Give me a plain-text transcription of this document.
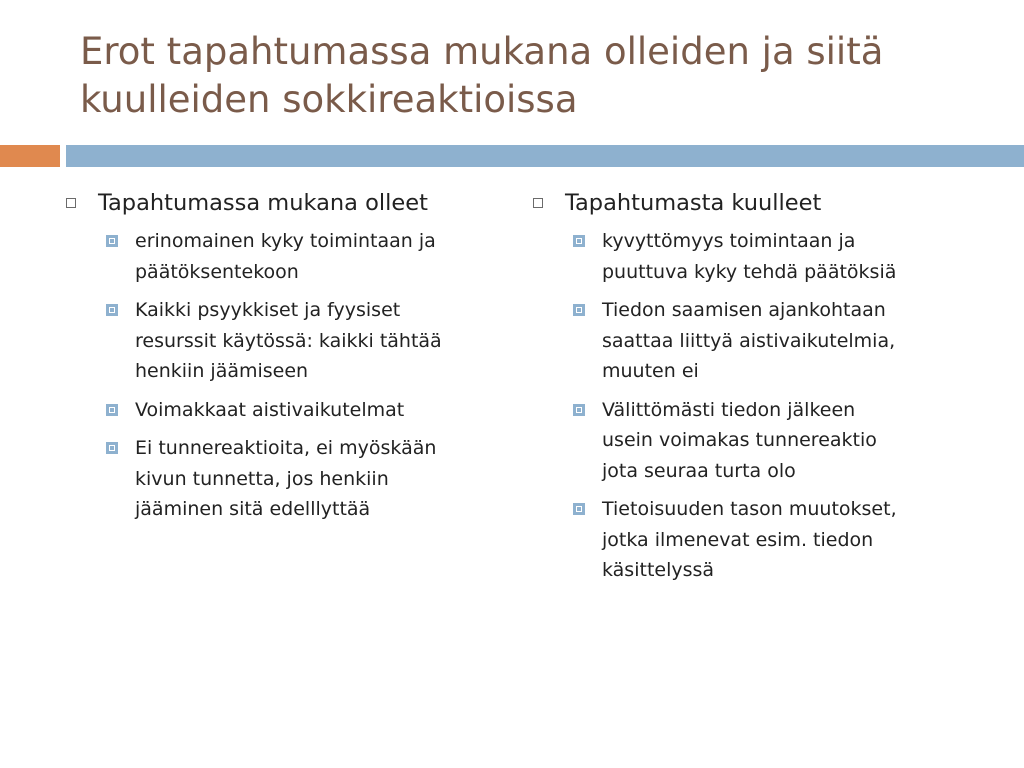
Erot tapahtumassa mukana olleiden ja siitä
kuulleiden sokkireaktioissa
Tapahtumassa mukana olleet
erinomainen kyky toimintaan ja
päätöksentekoon
Kaikki psyykkiset ja fyysiset
resurssit käytössä: kaikki tähtää
henkiin jäämiseen
Voimakkaat aistivaikutelmat
Ei tunnereaktioita, ei myöskään
kivun tunnetta, jos henkiin
jääminen sitä edelllyttää
Tapahtumasta kuulleet
kyvyttömyys toimintaan ja
puuttuva kyky tehdä päätöksiä
Tiedon saamisen ajankohtaan
saattaa liittyä aistivaikutelmia,
muuten ei
Välittömästi tiedon jälkeen
usein voimakas tunnereaktio
jota seuraa turta olo
Tietoisuuden tason muutokset,
jotka ilmenevat esim. tiedon
käsittelyssä
